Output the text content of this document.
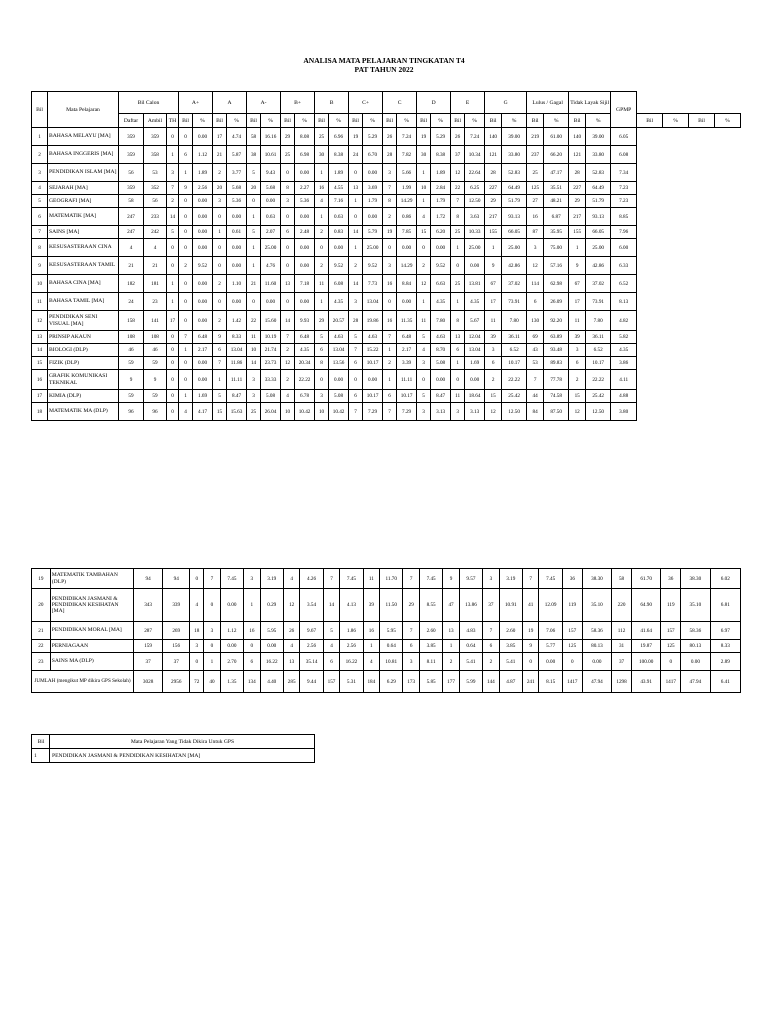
ANALISA MATA PELAJARAN TINGKATAN T4
PAT TAHUN 2022
Bil	Mata Pelajaran	Bil Calon			A+		A		A-		B+		B		C+		C		D		E		G		Lulus / Gagal		Tidak Layak Sijil		GPMP				
		Daftar	Ambil	TH	Bil	%	Bil	%	Bil	%	Bil	%	Bil	%	Bil	%	Bil	%	Bil	%	Bil	%	Bil	%	Bil	%	Bil	%		Bil	%	Bil	%
1	BAHASA MELAYU [MA]	359	359	0	0	0.00	17	4.74	58	16.16	29	8.08	25	6.96	19	5.29	26	7.24	19	5.29	26	7.24	140	39.00	219	61.00	140	39.00	6.05				
2	BAHASA INGGERIS [MA]	359	358	1	6	1.12	21	5.87	38	10.61	25	6.98	30	8.38	24	6.70	28	7.82	30	8.38	37	10.34	121	33.80	237	66.20	121	33.80	6.08				
3	PENDIDIKAN ISLAM [MA]	56	53	3	1	1.89	2	3.77	5	9.43	0	0.00	1	1.89	0	0.00	3	5.66	1	1.89	12	22.64	28	52.83	25	47.17	28	52.83	7.34				
4	SEJARAH [MA]	359	352	7	9	2.56	20	5.68	20	5.68	8	2.27	16	4.55	13	3.69	7	1.99	10	2.84	22	6.25	227	64.49	125	35.51	227	64.49	7.23				
5	GEOGRAFI [MA]	58	56	2	0	0.00	3	5.36	0	0.00	3	5.36	4	7.16	1	1.79	8	14.29	1	1.79	7	12.50	29	51.79	27	48.21	29	51.79	7.23				
6	MATEMATIK [MA]	247	233	14	0	0.00	0	0.00	1	0.63	0	0.00	1	0.63	0	0.00	2	0.86	4	1.72	8	3.63	217	93.13	16	6.87	217	93.13	8.85				
7	SAINS [MA]	247	242	5	0	0.00	1	0.61	5	2.07	6	2.48	2	0.83	14	5.79	19	7.85	15	6.20	25	10.33	155	66.05	87	35.95	155	66.05	7.96				
8	KESUSASTERAAN CINA	4	4	0	0	0.00	0	0.00	1	25.00	0	0.00	0	0.00	1	25.00	0	0.00	0	0.00	1	25.00	1	25.00	3	75.00	1	25.00	6.00				
9	KESUSASTERAAN TAMIL	21	21	0	2	9.52	0	0.00	1	4.76	0	0.00	2	9.52	2	9.52	3	14.29	2	9.52	0	0.00	9	42.86	12	57.16	9	42.86	6.33				
10	BAHASA CINA [MA]	182	181	1	0	0.00	2	1.10	21	11.60	13	7.18	11	6.08	14	7.73	16	8.84	12	6.63	25	13.81	67	37.02	114	62.98	67	37.02	6.52				
11	BAHASA TAMIL [MA]	24	23	1	0	0.00	0	0.00	0	0.00	0	0.00	1	4.35	3	13.04	0	0.00	1	4.35	1	4.35	17	73.91	6	26.09	17	73.91	8.13				
12	PENDIDIKAN SENI VISUAL [MA]	158	141	17	0	0.00	2	1.42	22	15.60	14	9.93	29	20.57	28	19.86	16	11.35	11	7.80	8	5.67	11	7.80	130	92.20	11	7.80	4.82				
13	PRINSIP AKAUN	108	108	0	7	6.48	9	8.33	11	10.19	7	6.48	5	4.63	5	4.63	7	6.48	5	4.63	13	12.04	39	36.11	69	63.89	39	36.11	5.82				
14	BIOLOGI (DLP)	46	46	0	1	2.17	6	13.04	10	21.74	2	4.35	6	13.04	7	15.22	1	2.17	4	8.70	6	13.04	3	6.52	43	93.48	3	6.52	4.35				
15	FIZIK (DLP)	59	59	0	0	0.00	7	11.86	14	23.73	12	20.34	8	13.56	6	10.17	2	3.39	3	5.08	1	1.69	6	10.17	53	89.83	6	10.17	3.86				
16	GRAFIK KOMUNIKASI TEKNIKAL	9	9	0	0	0.00	1	11.11	3	33.33	2	22.22	0	0.00	0	0.00	1	11.11	0	0.00	0	0.00	2	22.22	7	77.78	2	22.22	4.11				
17	KIMIA (DLP)	59	59	0	1	1.69	5	8.47	3	5.08	4	6.78	3	5.08	6	10.17	6	10.17	5	8.47	11	18.64	15	25.42	44	74.58	15	25.42	4.88				
18	MATEMATIK MA (DLP)	96	96	0	4	4.17	15	15.63	25	26.04	10	10.42	10	10.42	7	7.29	7	7.29	3	3.13	3	3.13	12	12.50	84	87.50	12	12.50	3.80				
19	MATEMATIK TAMBAHAN (DLP)	94	94	0	7	7.45	3	3.19	4	4.26	7	7.45	11	11.70	7	7.45	9	9.57	3	3.19	7	7.45	36	38.30	58	61.70	36	38.30	6.02
20	PENDIDIKAN JASMANI & PENDIDIKAN KESIHATAN [MA]	343	339	4	0	0.00	1	0.29	12	3.54	14	4.13	39	11.50	29	8.55	47	13.86	37	10.91	41	12.09	119	35.10	220	64.90	119	35.10	6.81
21	PENDIDIKAN MORAL [MA]	287	269	18	3	1.12	16	5.95	26	9.67	5	1.86	16	5.95	7	2.60	13	4.83	7	2.60	19	7.06	157	58.36	112	41.64	157	58.36	6.97
22	PERNIAGAAN	159	156	3	0	0.00	0	0.00	4	2.56	4	2.56	1	0.64	6	3.85	1	0.64	6	3.85	9	5.77	125	80.13	31	19.87	125	80.13	8.33
23	SAINS MA (DLP)	37	37	0	1	2.70	6	16.22	13	35.14	6	16.22	4	10.81	3	8.11	2	5.41	2	5.41	0	0.00	0	0.00	37	100.00	0	0.00	2.89
JUMLAH (mengikut MP dikira GPS Sekolah)		3028	2956	72	40	1.35	134	4.40	285	9.44	157	5.31	184	6.29	173	5.85	177	5.99	144	4.87	241	8.15	1417	47.94	1298	43.91	1417	47.94	6.41
Bil	Mata Pelajaran Yang Tidak Dikira Untuk GPS
1	PENDIDIKAN JASMANI & PENDIDIKAN KESIHATAN [MA]
